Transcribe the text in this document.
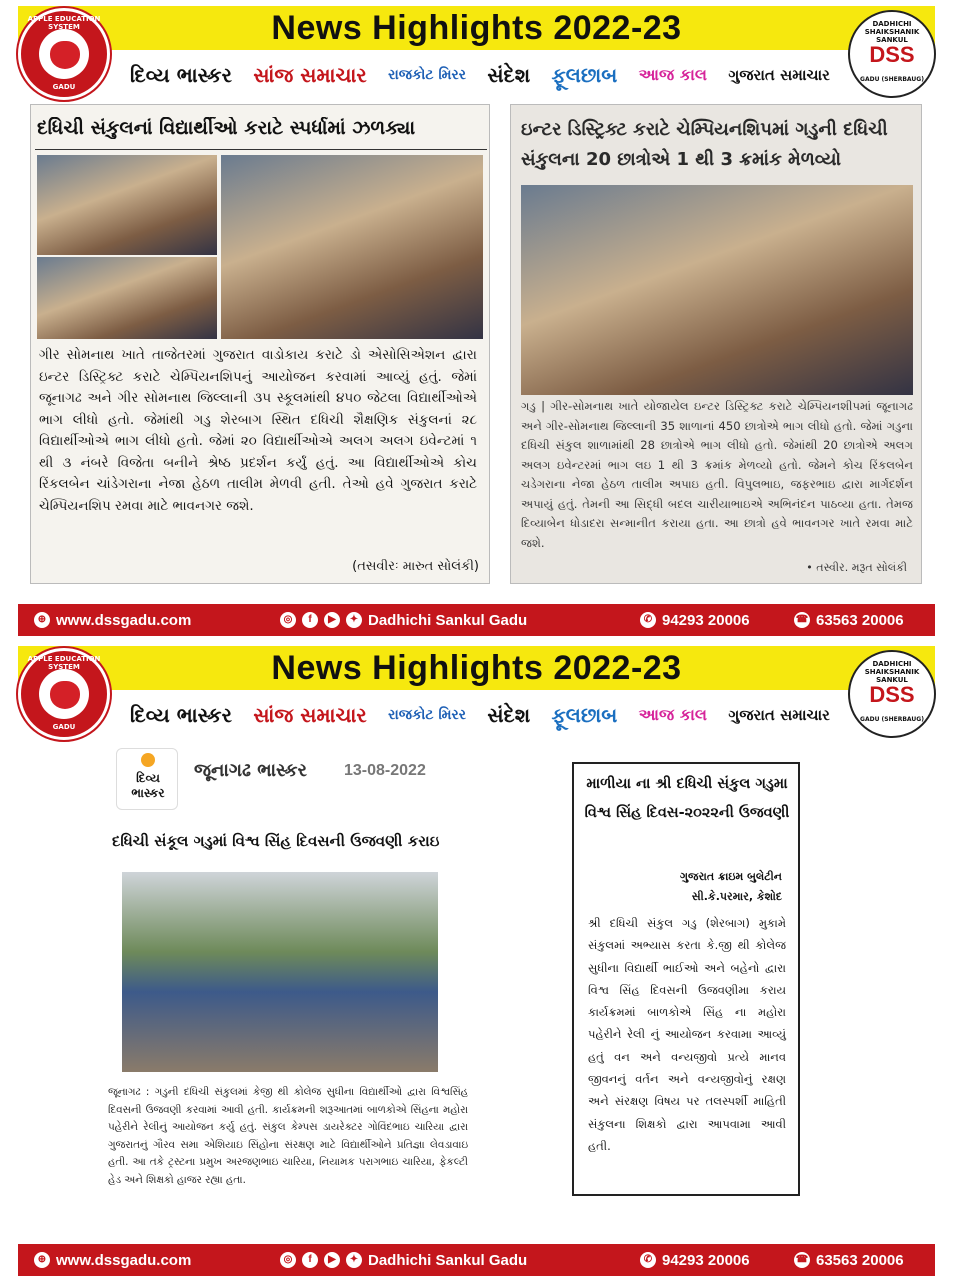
News Highlights 2022-23
APPLE EDUCATION SYSTEM
GADU
DADHICHI SHAIKSHANIK SANKUL
DSS
GADU (SHERBAUG)
દિવ્ય ભાસ્કર સાંજ સમાચાર રાજકોટ મિરર સંદેશ ફૂલછાબ આજ કાલ ગુજરાત સમાચાર
દધિચી સંકુલનાં વિદ્યાર્થીઓ કરાટે સ્પર્ધામાં ઝળક્યા
ગીર સોમનાથ ખાતે તાજેતરમાં ગુજરાત વાડોકાય કરાટે ડો એસોસિએશન દ્વારા ઇન્ટર ડિસ્ટ્રિક્ટ કરાટે ચેમ્પિયનશિપનું આયોજન કરવામાં આવ્યું હતું. જેમાં જૂનાગઢ અને ગીર સોમનાથ જિલ્લાની ૩૫ સ્કૂલમાંથી ૪૫૦ જેટલા વિદ્યાર્થીઓએ ભાગ લીધો હતો. જેમાંથી ગડુ શેરબાગ સ્થિત દધિચી શૈક્ષણિક સંકુલનાં ૨૮ વિદ્યાર્થીઓએ ભાગ લીધો હતો. જેમાં ૨૦ વિદ્યાર્થીઓએ અલગ અલગ ઇવેન્ટમાં ૧ થી ૩ નંબરે વિજેતા બનીને શ્રેષ્ઠ પ્રદર્શન કર્યું હતું. આ વિદ્યાર્થીઓએ કોચ રિંકલબેન ચાંડેગરાના નેજા હેઠળ તાલીમ મેળવી હતી. તેઓ હવે ગુજરાત કરાટે ચેમ્પિયનશિપ રમવા માટે ભાવનગર જશે.
(તસવીરઃ મારુત સોલંકી)
ઇન્ટર ડિસ્ટ્રિક્ટ કરાટે ચેમ્પિયનશિપમાં ગડુની દધિચી સંકુલના 20 છાત્રોએ 1 થી 3 ક્રમાંક મેળવ્યો
ગડુ | ગીર-સોમનાથ ખાતે યોજાયેલ ઇન્ટર ડિસ્ટ્રિક્ટ કરાટે ચેમ્પિયનશીપમાં જૂનાગઢ અને ગીર-સોમનાથ જિલ્લાની 35 શાળાનાં 450 છાત્રોએ ભાગ લીધો હતો. જેમાં ગડુના દધિચી સંકુલ શાળામાંથી 28 છાત્રોએ ભાગ લીધો હતો. જેમાંથી 20 છાત્રોએ અલગ અલગ ઇવેન્ટરમાં ભાગ લઇ 1 થી 3 ક્રમાંક મેળવ્યો હતો. જેમને કોચ રિંકલબેન ચડેગરાના નેજા હેઠળ તાલીમ અપાઇ હતી. વિપુલભાઇ, જફરભાઇ દ્વારા માર્ગદર્શન અપાયું હતું. તેમની આ સિદ્ધી બદલ ચારીયાભાઇએ અભિનંદન પાઠવ્યા હતા. તેમજ દિવ્યાબેન ધોડાદરા સન્માનીત કરાયા હતા. આ છાત્રો હવે ભાવનગર ખાતે રમવા માટે જશે.
• તસ્વીર. મરૂત સોલંકી
⊕ www.dssgadu.com	◎	f	▶	✦ Dadhichi Sankul Gadu	✆ 94293 20006	☎ 63563 20006
News Highlights 2022-23
APPLE EDUCATION SYSTEM
GADU
DADHICHI SHAIKSHANIK SANKUL
DSS
GADU (SHERBAUG)
દિવ્ય ભાસ્કર સાંજ સમાચાર રાજકોટ મિરર સંદેશ ફૂલછાબ આજ કાલ ગુજરાત સમાચાર
દિવ્ય ભાસ્કર
જૂનાગઢ ભાસ્કર 13-08-2022
દધિચી સંકૂલ ગડુમાં વિશ્વ સિંહ દિવસની ઉજવણી કરાઇ
જૂનાગઢ : ગડુની દધિચી સંકુલમાં કેજી થી કોલેજ સુધીના વિદ્યાર્થીઓ દ્વારા વિશ્વસિંહ દિવસની ઉજવણી કરવામાં આવી હતી. કાર્યક્રમની શરૂઆતમાં બાળકોએ સિંહના મહોરા પહેરીને રેલીનું આયોજન કર્યુ હતું. સંકુલ કેમ્પસ ડાયરેક્ટર ગોવિંદભાઇ ચારિયા દ્વારા ગુજરાતનું ગૌરવ સમા એશિયાઇ સિંહોના સંરક્ષણ માટે વિદ્યાર્થીઓને પ્રતિજ્ઞા લેવડાવાઇ હતી. આ તકે ટ્રસ્ટના પ્રમુખ અરજણભાઇ ચારિયા, નિયામક પરાગભાઇ ચારિયા, ફેકલ્ટી હેડ અને શિક્ષકો હાજર રહ્યા હતા.
માળીયા ના શ્રી દધિચી સંકુલ ગડુમા વિશ્વ સિંહ દિવસ-૨૦૨૨ની ઉજવણી
ગુજરાત ક્રાઇમ બુલેટીન
સી.કે.પરમાર, કેશોદ
શ્રી દધિચી સંકુલ ગડુ (શેરબાગ) મુકામે સંકુલમાં અભ્યાસ કરતા કે.જી થી કોલેજ સુધીના વિદ્યાર્થી ભાઈઓ અને બહેનો દ્વારા વિશ્વ સિંહ દિવસની ઉજવણીમા કરાય કાર્યક્રમમાં બાળકોએ સિંહ ના મહોરા પહેરીને રેલી નું આયોજન કરવામા આવ્યું હતું વન અને વન્યજીવો પ્રત્યે માનવ જીવનનું વર્તન અને વન્યજીવોનું રક્ષણ અને સંરક્ષણ વિષય પર તલસ્પર્શી માહિતી સંકુલના શિક્ષકો દ્વારા આપવામા આવી હતી.
⊕ www.dssgadu.com	◎	f	▶	✦ Dadhichi Sankul Gadu	✆ 94293 20006	☎ 63563 20006
